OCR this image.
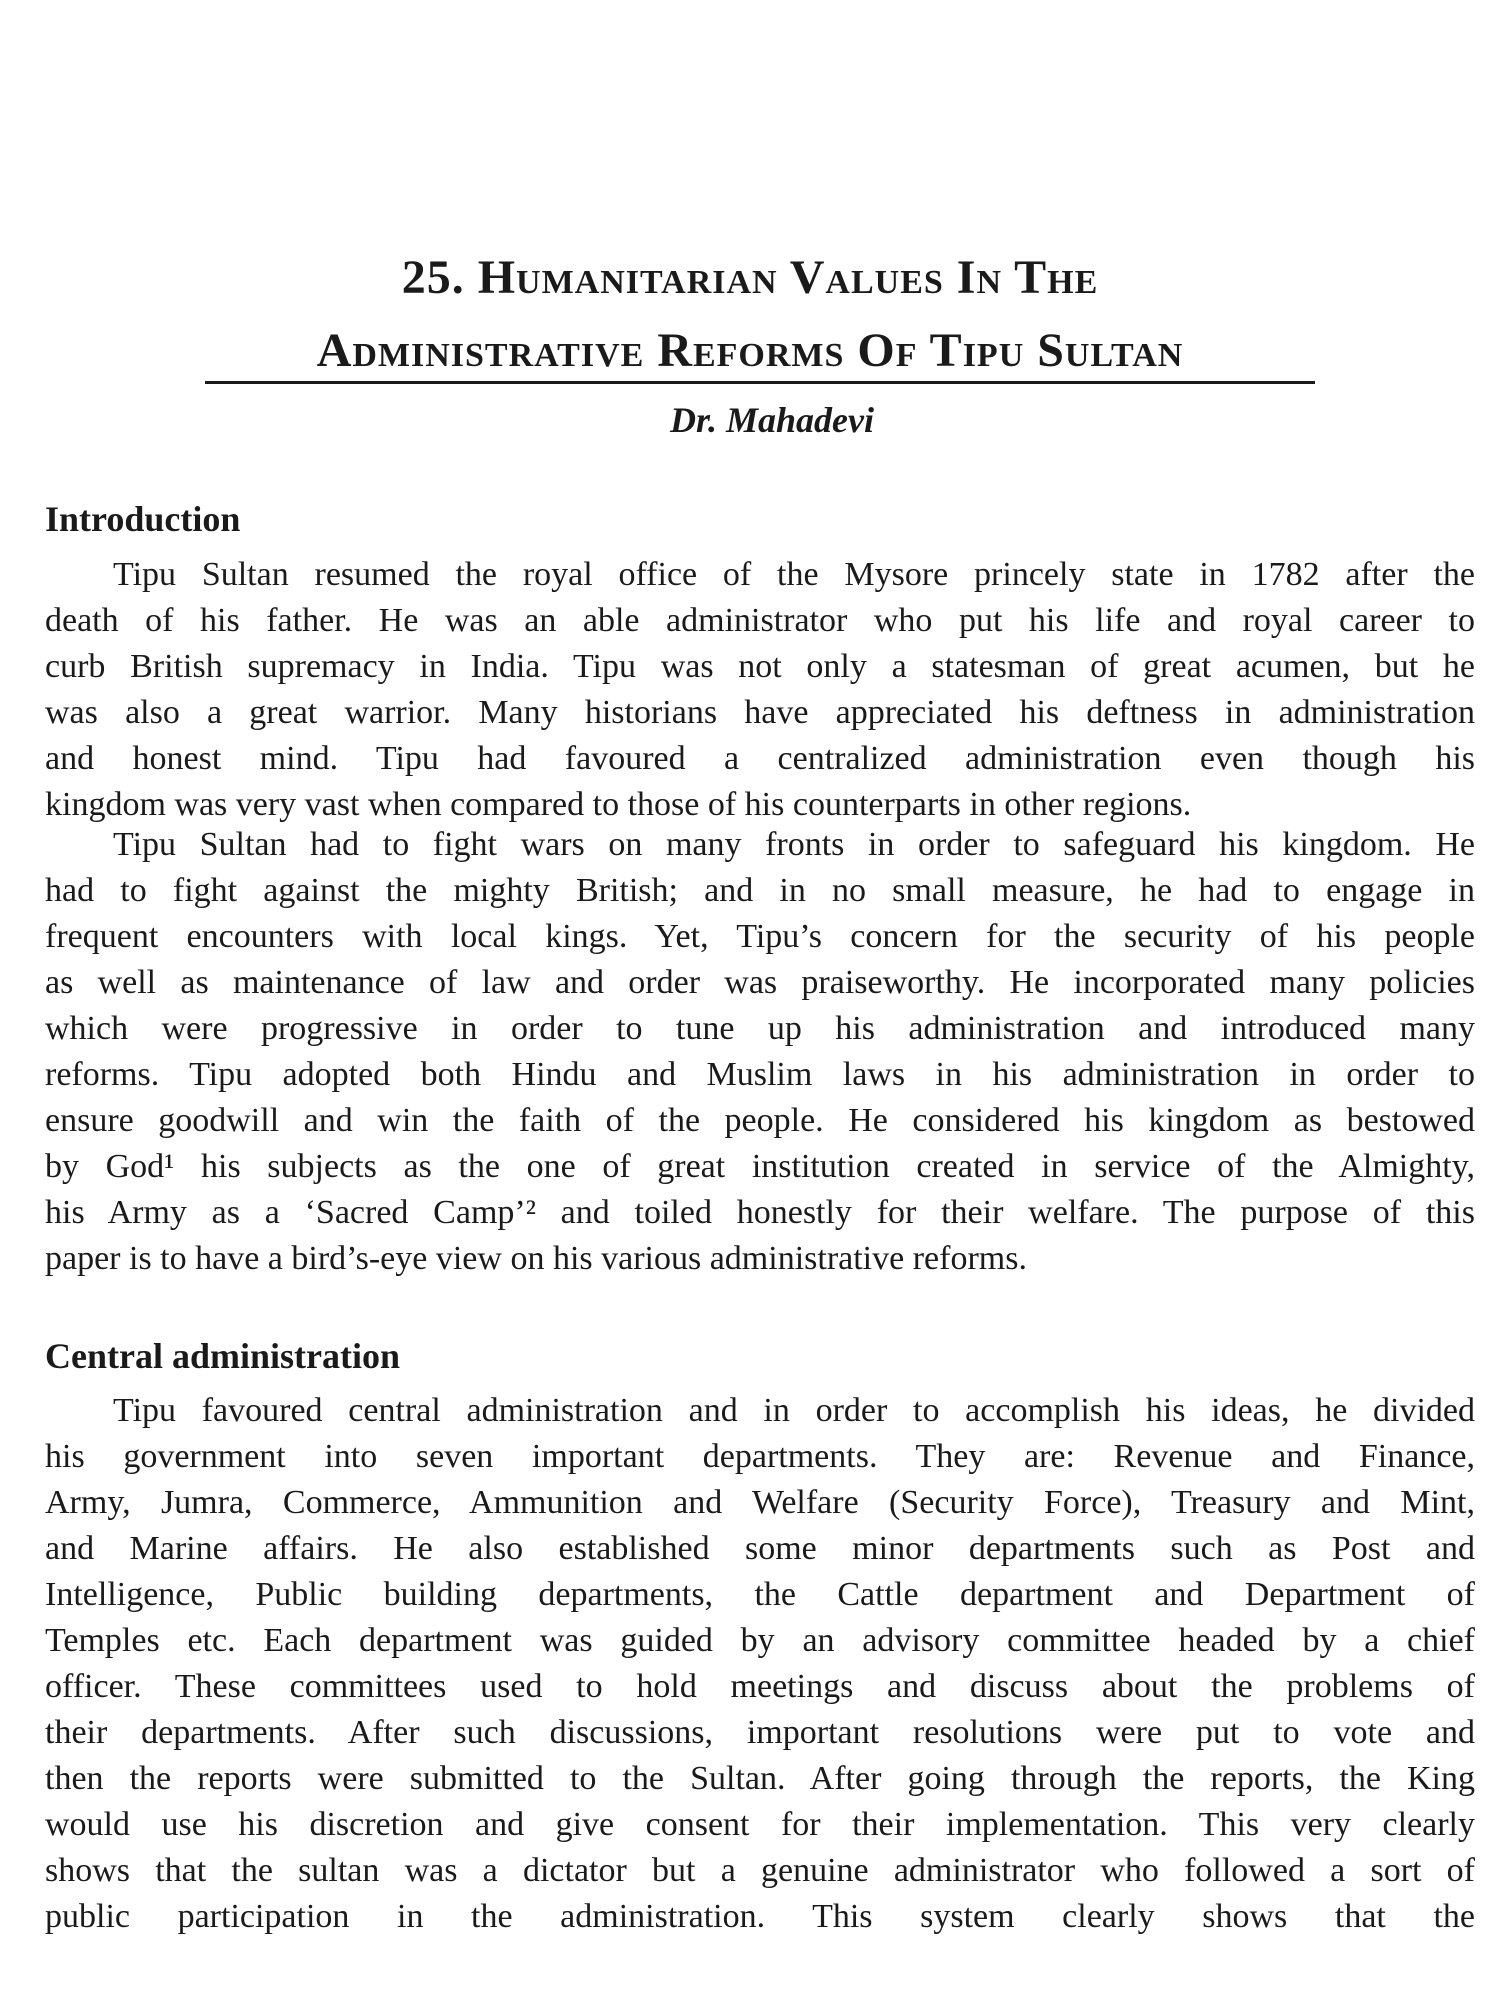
25. Humanitarian Values In The
Administrative Reforms Of Tipu Sultan
Dr. Mahadevi
Introduction
Tipu Sultan resumed the royal office of the Mysore princely state in 1782 after the
death of his father. He was an able administrator who put his life and royal career to
curb British supremacy in India. Tipu was not only a statesman of great acumen, but he
was also a great warrior. Many historians have appreciated his deftness in administration
and honest mind. Tipu had favoured a centralized administration even though his
kingdom was very vast when compared to those of his counterparts in other regions.
Tipu Sultan had to fight wars on many fronts in order to safeguard his kingdom. He
had to fight against the mighty British; and in no small measure, he had to engage in
frequent encounters with local kings. Yet, Tipu’s concern for the security of his people
as well as maintenance of law and order was praiseworthy. He incorporated many policies
which were progressive in order to tune up his administration and introduced many
reforms. Tipu adopted both Hindu and Muslim laws in his administration in order to
ensure goodwill and win the faith of the people. He considered his kingdom as bestowed
by God¹ his subjects as the one of great institution created in service of the Almighty,
his Army as a ‘Sacred Camp’² and toiled honestly for their welfare. The purpose of this
paper is to have a bird’s-eye view on his various administrative reforms.
Central administration
Tipu favoured central administration and in order to accomplish his ideas, he divided
his government into seven important departments. They are: Revenue and Finance,
Army, Jumra, Commerce, Ammunition and Welfare (Security Force), Treasury and Mint,
and Marine affairs. He also established some minor departments such as Post and
Intelligence, Public building departments, the Cattle department and Department of
Temples etc. Each department was guided by an advisory committee headed by a chief
officer. These committees used to hold meetings and discuss about the problems of
their departments. After such discussions, important resolutions were put to vote and
then the reports were submitted to the Sultan. After going through the reports, the King
would use his discretion and give consent for their implementation. This very clearly
shows that the sultan was a dictator but a genuine administrator who followed a sort of
public participation in the administration. This system clearly shows that the
